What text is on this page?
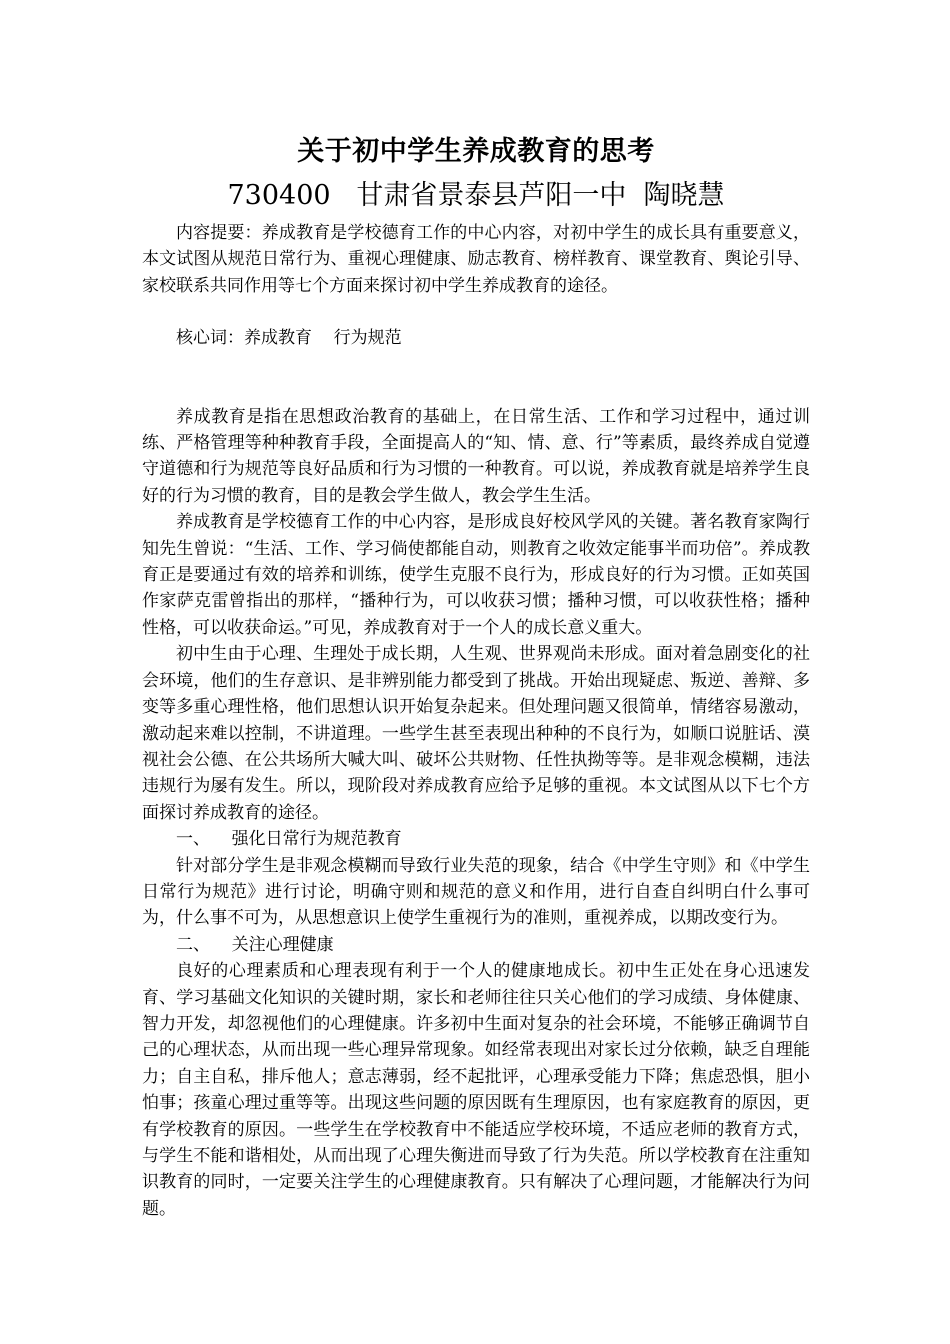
关于初中学生养成教育的思考
730400   甘肃省景泰县芦阳一中  陶晓慧

内容提要：养成教育是学校德育工作的中心内容，对初中学生的成长具有重要意义，本文试图从规范日常行为、重视心理健康、励志教育、榜样教育、课堂教育、舆论引导、家校联系共同作用等七个方面来探讨初中学生养成教育的途径。

核心词：养成教育    行为规范

养成教育是指在思想政治教育的基础上，在日常生活、工作和学习过程中，通过训练、严格管理等种种教育手段，全面提高人的“知、情、意、行”等素质，最终养成自觉遵守道德和行为规范等良好品质和行为习惯的一种教育。可以说，养成教育就是培养学生良好的行为习惯的教育，目的是教会学生做人，教会学生生活。

养成教育是学校德育工作的中心内容，是形成良好校风学风的关键。著名教育家陶行知先生曾说：“生活、工作、学习倘使都能自动，则教育之收效定能事半而功倍”。养成教育正是要通过有效的培养和训练，使学生克服不良行为，形成良好的行为习惯。正如英国作家萨克雷曾指出的那样，“播种行为，可以收获习惯；播种习惯，可以收获性格；播种性格，可以收获命运。”可见，养成教育对于一个人的成长意义重大。

初中生由于心理、生理处于成长期，人生观、世界观尚未形成。面对着急剧变化的社会环境，他们的生存意识、是非辨别能力都受到了挑战。开始出现疑虑、叛逆、善辩、多变等多重心理性格，他们思想认识开始复杂起来。但处理问题又很简单，情绪容易激动，激动起来难以控制，不讲道理。一些学生甚至表现出种种的不良行为，如顺口说脏话、漠视社会公德、在公共场所大喊大叫、破坏公共财物、任性执拗等等。是非观念模糊，违法违规行为屡有发生。所以，现阶段对养成教育应给予足够的重视。本文试图从以下七个方面探讨养成教育的途径。

一、    强化日常行为规范教育

针对部分学生是非观念模糊而导致行业失范的现象，结合《中学生守则》和《中学生日常行为规范》进行讨论，明确守则和规范的意义和作用，进行自查自纠明白什么事可为，什么事不可为，从思想意识上使学生重视行为的准则，重视养成，以期改变行为。

二、    关注心理健康

良好的心理素质和心理表现有利于一个人的健康地成长。初中生正处在身心迅速发育、学习基础文化知识的关键时期，家长和老师往往只关心他们的学习成绩、身体健康、智力开发，却忽视他们的心理健康。许多初中生面对复杂的社会环境，不能够正确调节自己的心理状态，从而出现一些心理异常现象。如经常表现出对家长过分依赖，缺乏自理能力；自主自私，排斥他人；意志薄弱，经不起批评，心理承受能力下降；焦虑恐惧，胆小怕事；孩童心理过重等等。出现这些问题的原因既有生理原因，也有家庭教育的原因，更有学校教育的原因。一些学生在学校教育中不能适应学校环境，不适应老师的教育方式，与学生不能和谐相处，从而出现了心理失衡进而导致了行为失范。所以学校教育在注重知识教育的同时，一定要关注学生的心理健康教育。只有解决了心理问题，才能解决行为问题。
